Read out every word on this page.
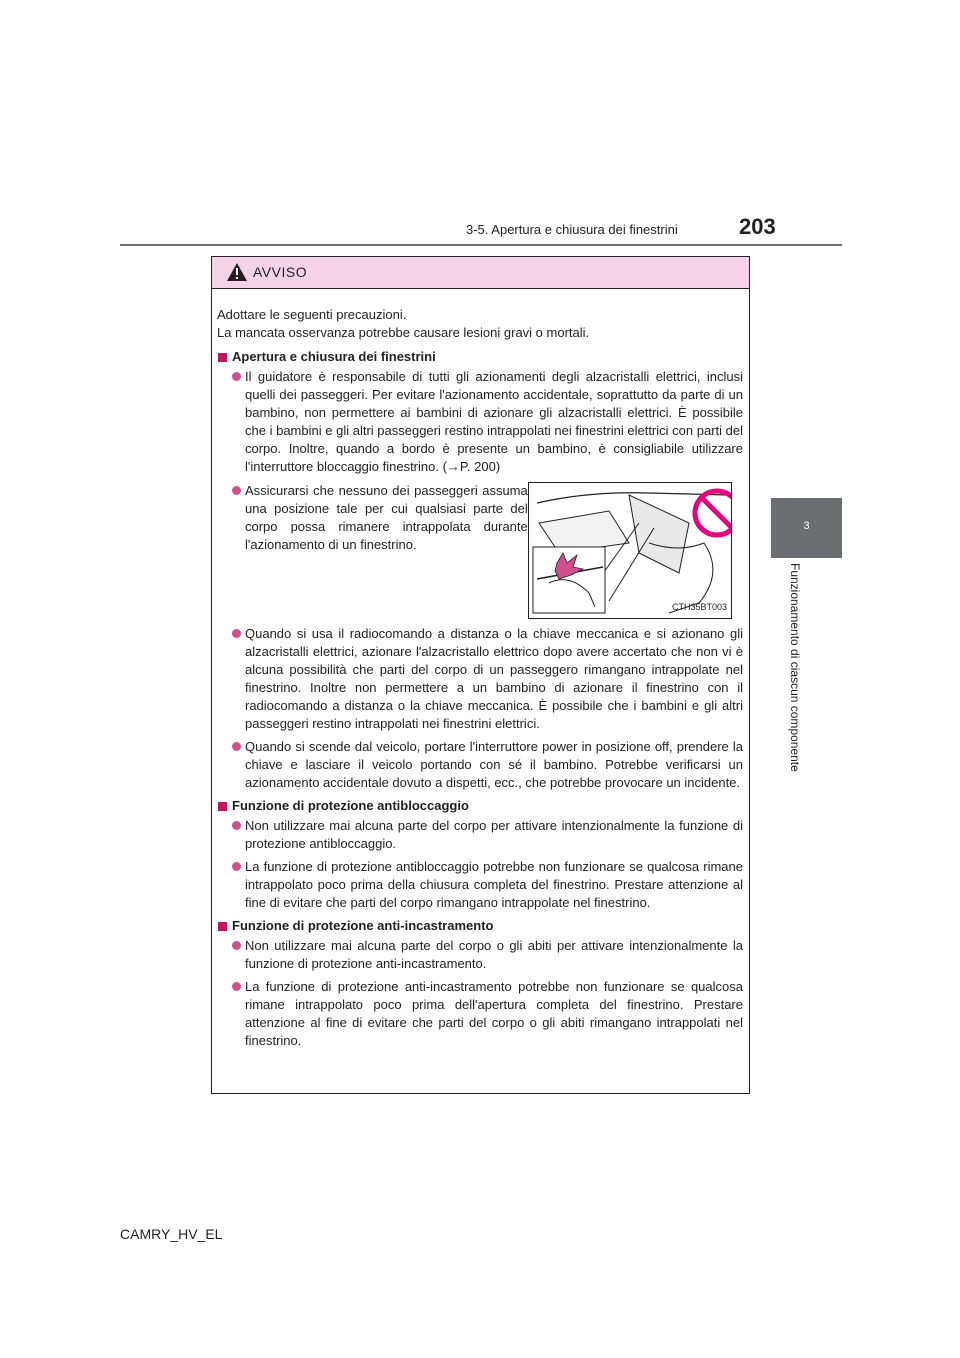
3-5. Apertura e chiusura dei finestrini	203
3
Funzionamento di ciascun componente
AVVISO

Adottare le seguenti precauzioni.

La mancata osservanza potrebbe causare lesioni gravi o mortali.

Apertura e chiusura dei finestrini

Il guidatore è responsabile di tutti gli azionamenti degli alzacristalli elettrici, inclusi quelli dei passeggeri. Per evitare l'azionamento accidentale, soprattutto da parte di un bambino, non permettere ai bambini di azionare gli alzacristalli elettrici. È possibile che i bambini e gli altri passeggeri restino intrappolati nei finestrini elettrici con parti del corpo. Inoltre, quando a bordo è presente un bambino, è consigliabile utilizzare l'interruttore bloccaggio finestrino. (→P. 200)

Assicurarsi che nessuno dei passeggeri assuma una posizione tale per cui qualsiasi parte del corpo possa rimanere intrappolata durante l'azionamento di un finestrino.

CTH35BT003

Quando si usa il radiocomando a distanza o la chiave meccanica e si azionano gli alzacristalli elettrici, azionare l'alzacristallo elettrico dopo avere accertato che non vi è alcuna possibilità che parti del corpo di un passeggero rimangano intrappolate nel finestrino. Inoltre non permettere a un bambino di azionare il finestrino con il radiocomando a distanza o la chiave meccanica. È possibile che i bambini e gli altri passeggeri restino intrappolati nei finestrini elettrici.

Quando si scende dal veicolo, portare l'interruttore power in posizione off, prendere la chiave e lasciare il veicolo portando con sé il bambino. Potrebbe verificarsi un azionamento accidentale dovuto a dispetti, ecc., che potrebbe provocare un incidente.

Funzione di protezione antibloccaggio

Non utilizzare mai alcuna parte del corpo per attivare intenzionalmente la funzione di protezione antibloccaggio.

La funzione di protezione antibloccaggio potrebbe non funzionare se qualcosa rimane intrappolato poco prima della chiusura completa del finestrino. Prestare attenzione al fine di evitare che parti del corpo rimangano intrappolate nel finestrino.

Funzione di protezione anti-incastramento

Non utilizzare mai alcuna parte del corpo o gli abiti per attivare intenzionalmente la funzione di protezione anti-incastramento.

La funzione di protezione anti-incastramento potrebbe non funzionare se qualcosa rimane intrappolato poco prima dell'apertura completa del finestrino. Prestare attenzione al fine di evitare che parti del corpo o gli abiti rimangano intrappolati nel finestrino.

CAMRY_HV_EL
